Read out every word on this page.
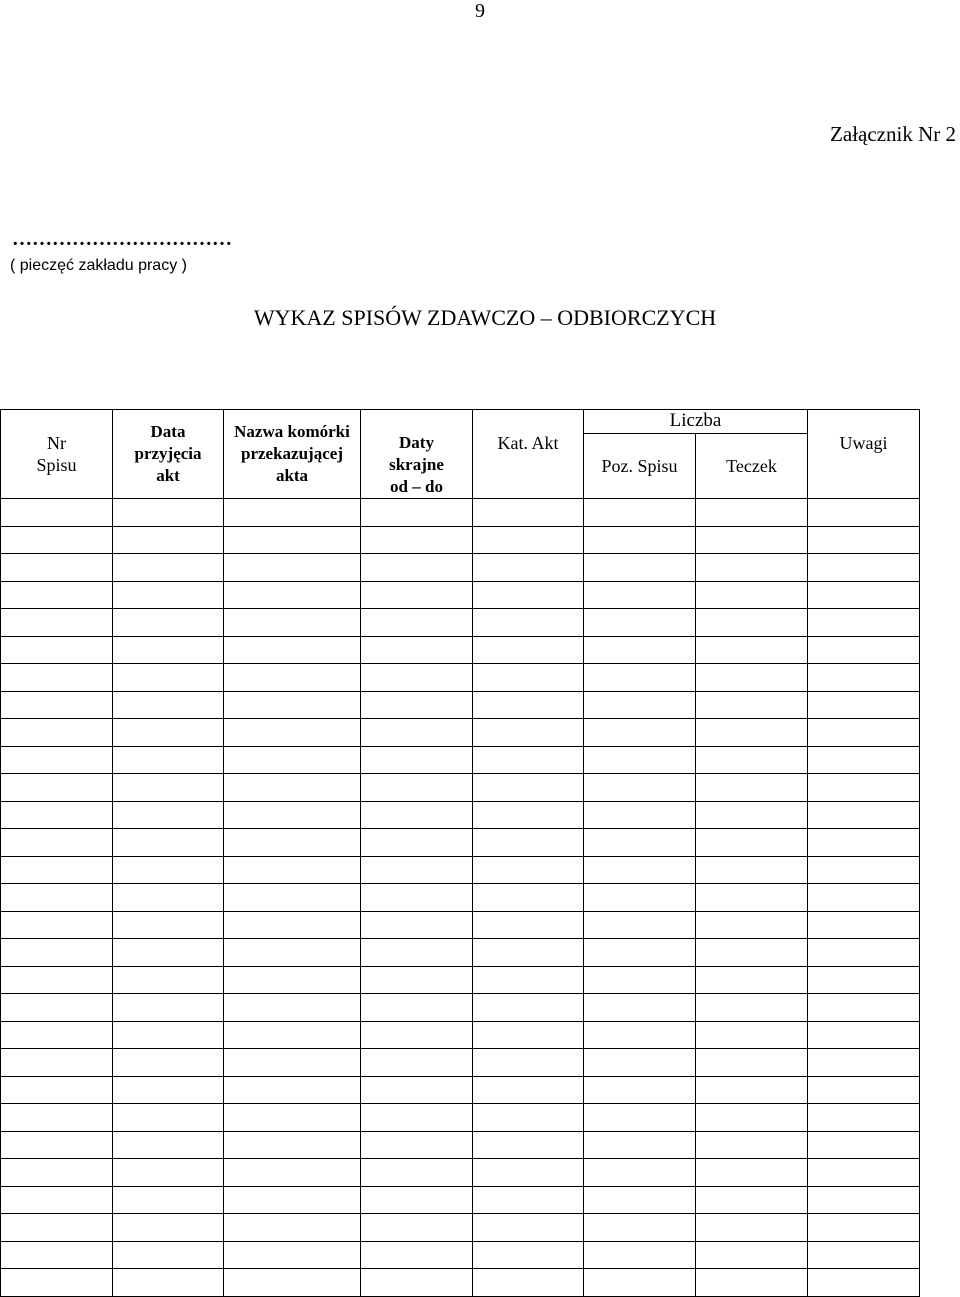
9
Załącznik Nr 2
……………………………
( pieczęć zakładu pracy )
WYKAZ SPISÓW ZDAWCZO – ODBIORCZYCH
Nr Spisu	Data przyjęcia akt	Nazwa komórki przekazującej akta	Daty skrajne od – do	Kat. Akt	Liczba		Uwagi
					Poz. Spisu	Teczek	
